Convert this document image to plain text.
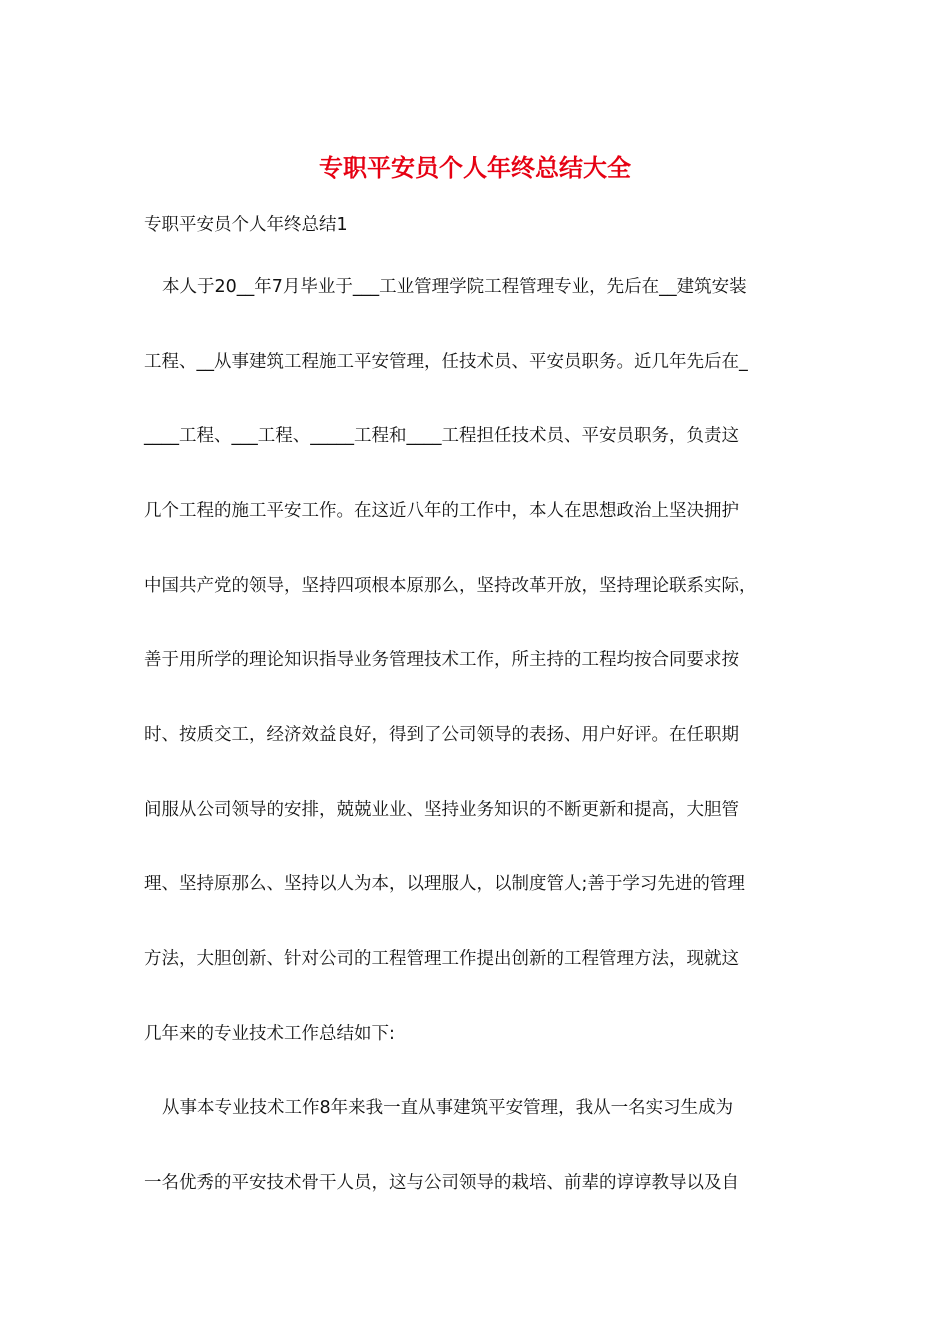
专职平安员个人年终总结大全

专职平安员个人年终总结1

本人于20__年7月毕业于___工业管理学院工程管理专业，先后在__建筑安装

工程、__从事建筑工程施工平安管理，任技术员、平安员职务。近几年先后在_

____工程、___工程、_____工程和____工程担任技术员、平安员职务，负责这

几个工程的施工平安工作。在这近八年的工作中，本人在思想政治上坚决拥护

中国共产党的领导，坚持四项根本原那么，坚持改革开放，坚持理论联系实际，

善于用所学的理论知识指导业务管理技术工作，所主持的工程均按合同要求按

时、按质交工，经济效益良好，得到了公司领导的表扬、用户好评。在任职期

间服从公司领导的安排，兢兢业业、坚持业务知识的不断更新和提高，大胆管

理、坚持原那么、坚持以人为本，以理服人，以制度管人;善于学习先进的管理

方法，大胆创新、针对公司的工程管理工作提出创新的工程管理方法，现就这

几年来的专业技术工作总结如下:

从事本专业技术工作8年来我一直从事建筑平安管理，我从一名实习生成为

一名优秀的平安技术骨干人员，这与公司领导的栽培、前辈的谆谆教导以及自
